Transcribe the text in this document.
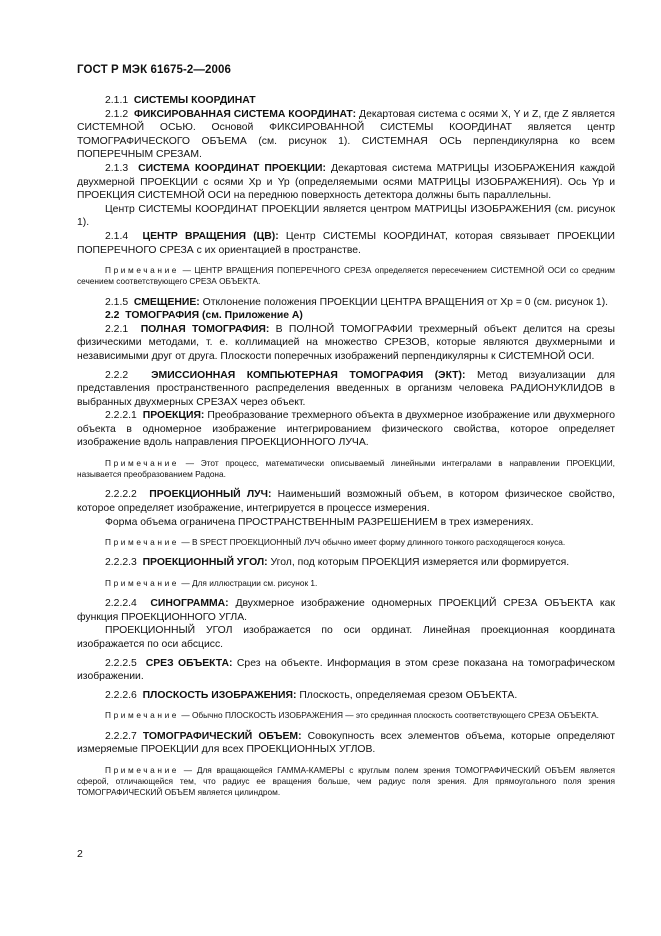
ГОСТ Р МЭК 61675-2—2006

2.1.1 СИСТЕМЫ КООРДИНАТ

2.1.2 ФИКСИРОВАННАЯ СИСТЕМА КООРДИНАТ: Декартовая система с осями X, Y и Z, где Z является СИСТЕМНОЙ ОСЬЮ. Основой ФИКСИРОВАННОЙ СИСТЕМЫ КООРДИНАТ является центр ТОМОГРАФИЧЕСКОГО ОБЪЕМА (см. рисунок 1). СИСТЕМНАЯ ОСЬ перпендикулярна ко всем ПОПЕРЕЧНЫМ СРЕЗАМ.

2.1.3 СИСТЕМА КООРДИНАТ ПРОЕКЦИИ: Декартовая система МАТРИЦЫ ИЗОБРАЖЕНИЯ каждой двухмерной ПРОЕКЦИИ с осями Xp и Yp (определяемыми осями МАТРИЦЫ ИЗОБРАЖЕНИЯ). Ось Yp и ПРОЕКЦИЯ СИСТЕМНОЙ ОСИ на переднюю поверхность детектора должны быть параллельны.

Центр СИСТЕМЫ КООРДИНАТ ПРОЕКЦИИ является центром МАТРИЦЫ ИЗОБРАЖЕНИЯ (см. рисунок 1).

2.1.4 ЦЕНТР ВРАЩЕНИЯ (ЦВ): Центр СИСТЕМЫ КООРДИНАТ, которая связывает ПРОЕКЦИИ ПОПЕРЕЧНОГО СРЕЗА с их ориентацией в пространстве.

Примечание — ЦЕНТР ВРАЩЕНИЯ ПОПЕРЕЧНОГО СРЕЗА определяется пересечением СИСТЕМНОЙ ОСИ со средним сечением соответствующего СРЕЗА ОБЪЕКТА.

2.1.5 СМЕЩЕНИЕ: Отклонение положения ПРОЕКЦИИ ЦЕНТРА ВРАЩЕНИЯ от Xp = 0 (см. рисунок 1).

2.2 ТОМОГРАФИЯ (см. Приложение А)

2.2.1 ПОЛНАЯ ТОМОГРАФИЯ: В ПОЛНОЙ ТОМОГРАФИИ трехмерный объект делится на срезы физическими методами, т. е. коллимацией на множество СРЕЗОВ, которые являются двухмерными и независимыми друг от друга. Плоскости поперечных изображений перпендикулярны к СИСТЕМНОЙ ОСИ.

2.2.2 ЭМИССИОННАЯ КОМПЬЮТЕРНАЯ ТОМОГРАФИЯ (ЭКТ): Метод визуализации для представления пространственного распределения введенных в организм человека РАДИОНУКЛИДОВ в выбранных двухмерных СРЕЗАХ через объект.

2.2.2.1 ПРОЕКЦИЯ: Преобразование трехмерного объекта в двухмерное изображение или двухмерного объекта в одномерное изображение интегрированием физического свойства, которое определяет изображение вдоль направления ПРОЕКЦИОННОГО ЛУЧА.

Примечание — Этот процесс, математически описываемый линейными интегралами в направлении ПРОЕКЦИИ, называется преобразованием Радона.

2.2.2.2 ПРОЕКЦИОННЫЙ ЛУЧ: Наименьший возможный объем, в котором физическое свойство, которое определяет изображение, интегрируется в процессе измерения.

Форма объема ограничена ПРОСТРАНСТВЕННЫМ РАЗРЕШЕНИЕМ в трех измерениях.

Примечание — В SPECT ПРОЕКЦИОННЫЙ ЛУЧ обычно имеет форму длинного тонкого расходящегося конуса.

2.2.2.3 ПРОЕКЦИОННЫЙ УГОЛ: Угол, под которым ПРОЕКЦИЯ измеряется или формируется.

Примечание — Для иллюстрации см. рисунок 1.

2.2.2.4 СИНОГРАММА: Двухмерное изображение одномерных ПРОЕКЦИЙ СРЕЗА ОБЪЕКТА как функция ПРОЕКЦИОННОГО УГЛА.

ПРОЕКЦИОННЫЙ УГОЛ изображается по оси ординат. Линейная проекционная координата изображается по оси абсцисс.

2.2.2.5 СРЕЗ ОБЪЕКТА: Срез на объекте. Информация в этом срезе показана на томографическом изображении.

2.2.2.6 ПЛОСКОСТЬ ИЗОБРАЖЕНИЯ: Плоскость, определяемая срезом ОБЪЕКТА.

Примечание — Обычно ПЛОСКОСТЬ ИЗОБРАЖЕНИЯ — это срединная плоскость соответствующего СРЕЗА ОБЪЕКТА.

2.2.2.7 ТОМОГРАФИЧЕСКИЙ ОБЪЕМ: Совокупность всех элементов объема, которые определяют измеряемые ПРОЕКЦИИ для всех ПРОЕКЦИОННЫХ УГЛОВ.

Примечание — Для вращающейся ГАММА-КАМЕРЫ с круглым полем зрения ТОМОГРАФИЧЕСКИЙ ОБЪЕМ является сферой, отличающейся тем, что радиус ее вращения больше, чем радиус поля зрения. Для прямоугольного поля зрения ТОМОГРАФИЧЕСКИЙ ОБЪЕМ является цилиндром.

2
